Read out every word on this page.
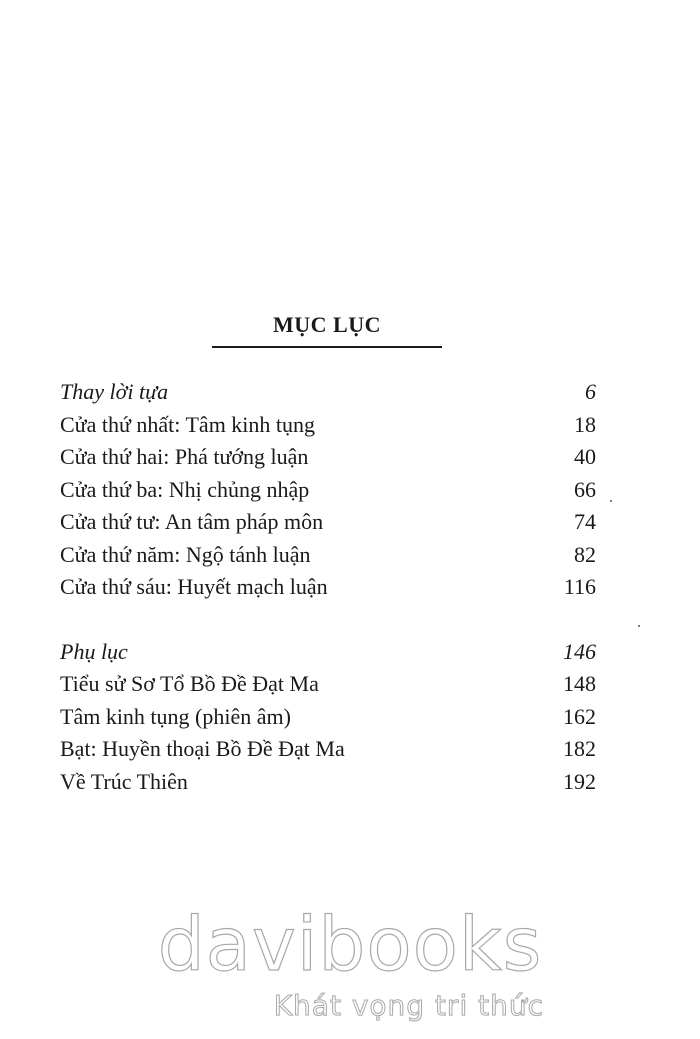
MỤC LỤC
Thay lời tựa	6
Cửa thứ nhất: Tâm kinh tụng	18
Cửa thứ hai: Phá tướng luận	40
Cửa thứ ba: Nhị chủng nhập	66
Cửa thứ tư: An tâm pháp môn	74
Cửa thứ năm: Ngộ tánh luận	82
Cửa thứ sáu: Huyết mạch luận	116
Phụ lục	146
Tiểu sử Sơ Tổ Bồ Đề Đạt Ma	148
Tâm kinh tụng (phiên âm)	162
Bạt: Huyền thoại Bồ Đề Đạt Ma	182
Về Trúc Thiên	192
davibooks
Khát vọng tri thức
